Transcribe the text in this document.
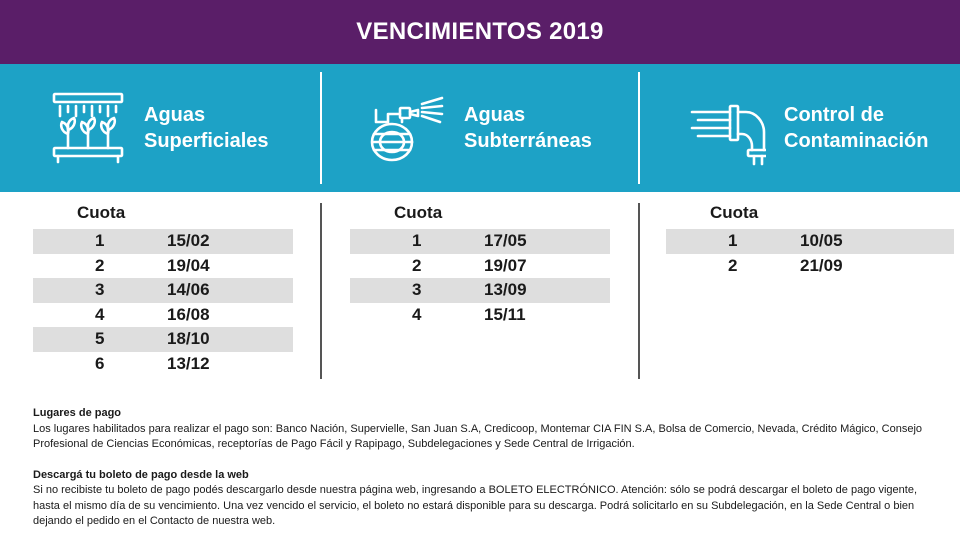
VENCIMIENTOS 2019
Aguas
Superficiales
Aguas
Subterráneas
Control de
Contaminación
Cuota
1	15/02
2	19/04
3	14/06
4	16/08
5	18/10
6	13/12
Cuota
1	17/05
2	19/07
3	13/09
4	15/11
Cuota
1	10/05
2	21/09
Lugares de pago

Los lugares habilitados para realizar el pago son: Banco Nación, Supervielle, San Juan S.A, Credicoop, Montemar CIA FIN S.A, Bolsa de Comercio, Nevada, Crédito Mágico, Consejo Profesional de Ciencias Económicas, receptorías de Pago Fácil y Rapipago, Subdelegaciones y Sede Central de Irrigación.

Descargá tu boleto de pago desde la web

Si no recibiste tu boleto de pago podés descargarlo desde nuestra página web, ingresando a BOLETO ELECTRÓNICO. Atención: sólo se podrá descargar el boleto de pago vigente, hasta el mismo día de su vencimiento. Una vez vencido el servicio, el boleto no estará disponible para su descarga. Podrá solicitarlo en su Subdelegación, en la Sede Central o bien dejando el pedido en el Contacto de nuestra web.
